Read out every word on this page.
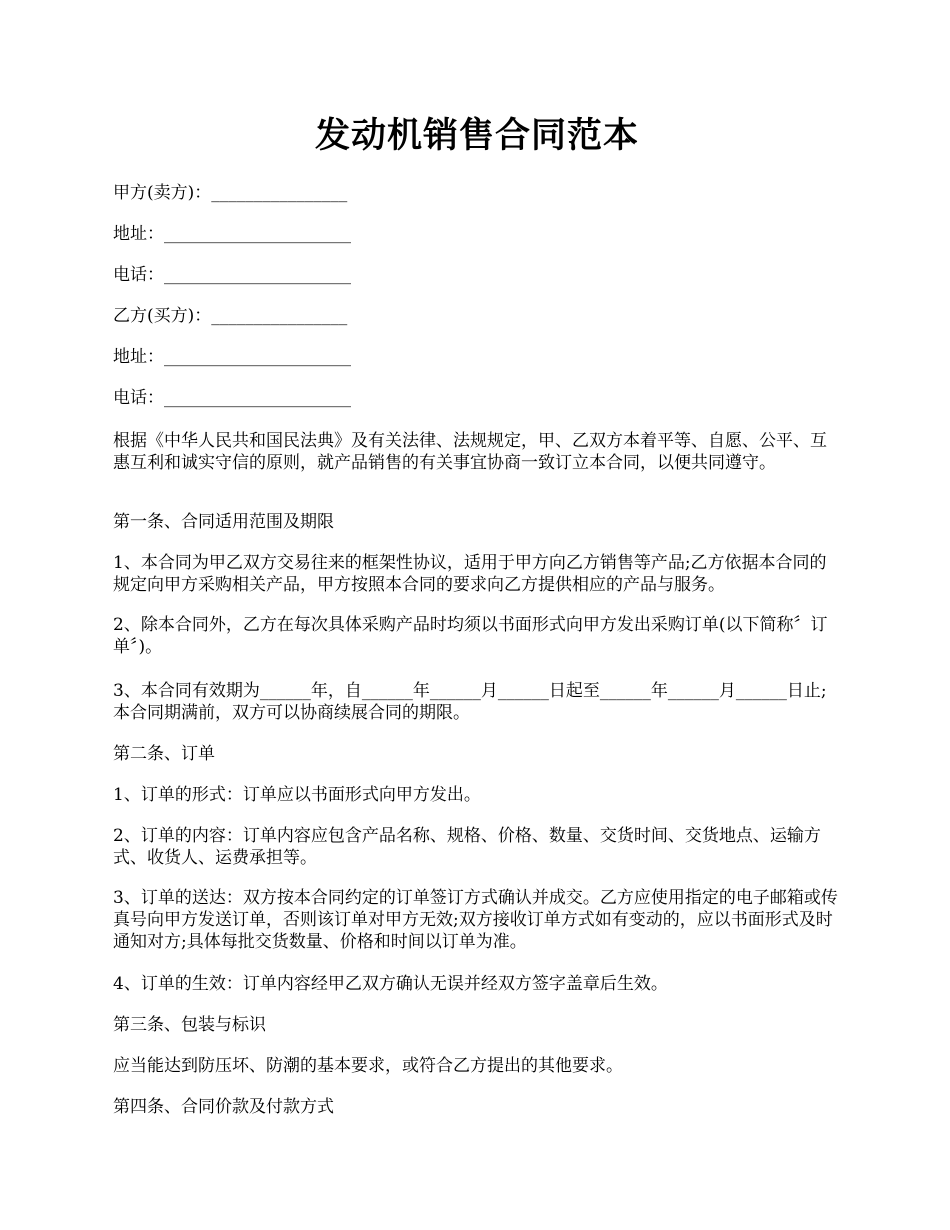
发动机销售合同范本
甲方(卖方)：________________
地址：______________________
电话：______________________
乙方(买方)：________________
地址：______________________
电话：______________________
根据《中华人民共和国民法典》及有关法律、法规规定，甲、乙双方本着平等、自愿、公平、互惠互利和诚实守信的原则，就产品销售的有关事宜协商一致订立本合同，以便共同遵守。
第一条、合同适用范围及期限
1、本合同为甲乙双方交易往来的框架性协议，适用于甲方向乙方销售等产品;乙方依据本合同的规定向甲方采购相关产品，甲方按照本合同的要求向乙方提供相应的产品与服务。
2、除本合同外，乙方在每次具体采购产品时均须以书面形式向甲方发出采购订单(以下简称〞订单〞)。
3、本合同有效期为______年，自______年______月______日起至______年______月______日止;本合同期满前，双方可以协商续展合同的期限。
第二条、订单
1、订单的形式：订单应以书面形式向甲方发出。
2、订单的内容：订单内容应包含产品名称、规格、价格、数量、交货时间、交货地点、运输方式、收货人、运费承担等。
3、订单的送达：双方按本合同约定的订单签订方式确认并成交。乙方应使用指定的电子邮箱或传真号向甲方发送订单，否则该订单对甲方无效;双方接收订单方式如有变动的，应以书面形式及时通知对方;具体每批交货数量、价格和时间以订单为准。
4、订单的生效：订单内容经甲乙双方确认无误并经双方签字盖章后生效。
第三条、包装与标识
应当能达到防压坏、防潮的基本要求，或符合乙方提出的其他要求。
第四条、合同价款及付款方式
